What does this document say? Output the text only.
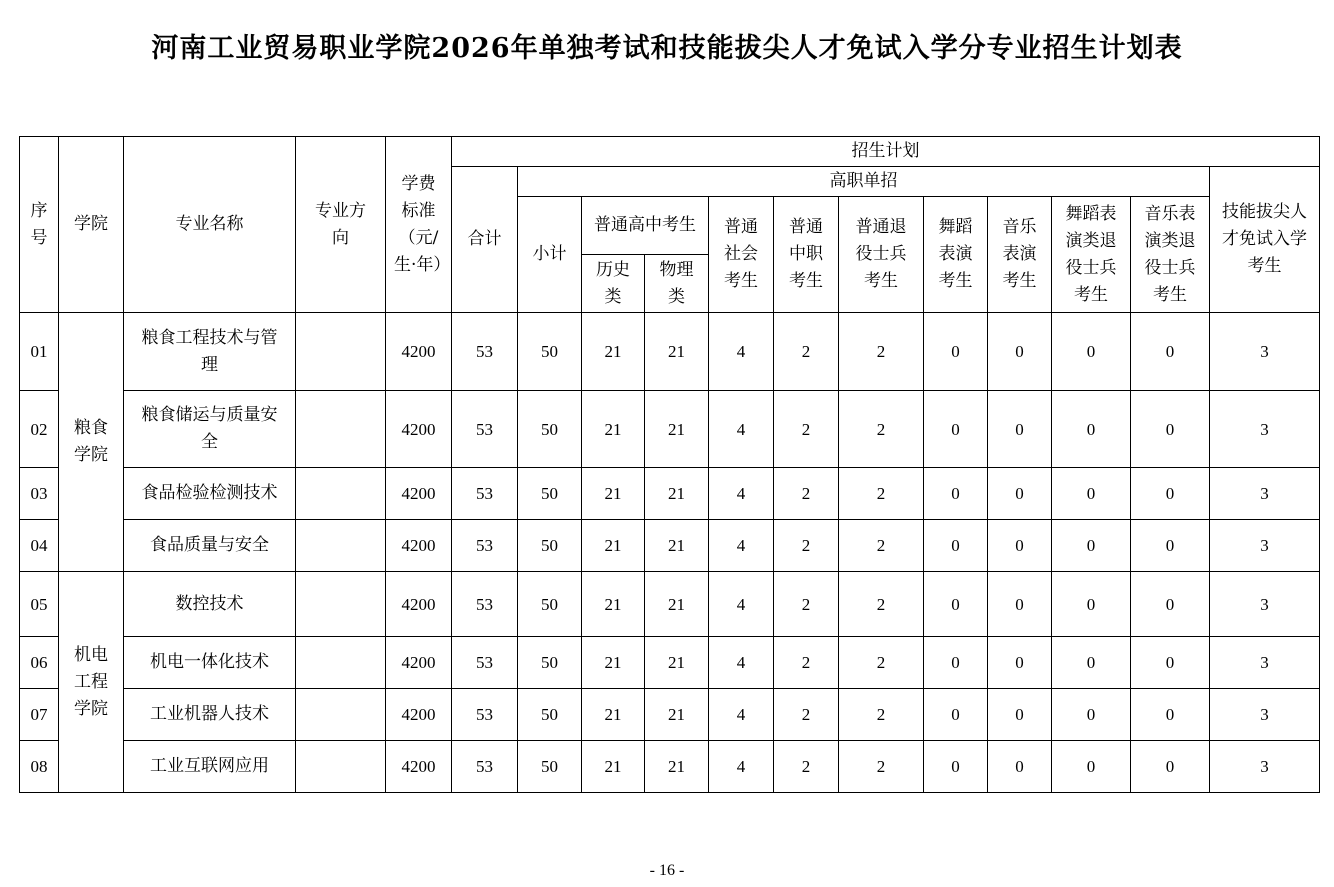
河南工业贸易职业学院2026年单独考试和技能拔尖人才免试入学分专业招生计划表
序号	学院	专业名称	专业方向	学费标准（元/生·年）	招生计划											
					合计	高职单招										技能拔尖人才免试入学考生
						小计	普通高中考生		普通社会考生	普通中职考生	普通退役士兵考生	舞蹈表演考生	音乐表演考生	舞蹈表演类退役士兵考生	音乐表演类退役士兵考生	
							历史类	物理类								
01	粮食学院	粮食工程技术与管理		4200	53	50	21	21	4	2	2	0	0	0	0	3
02		粮食储运与质量安全		4200	53	50	21	21	4	2	2	0	0	0	0	3
03		食品检验检测技术		4200	53	50	21	21	4	2	2	0	0	0	0	3
04		食品质量与安全		4200	53	50	21	21	4	2	2	0	0	0	0	3
05	机电工程学院	数控技术		4200	53	50	21	21	4	2	2	0	0	0	0	3
06		机电一体化技术		4200	53	50	21	21	4	2	2	0	0	0	0	3
07		工业机器人技术		4200	53	50	21	21	4	2	2	0	0	0	0	3
08		工业互联网应用		4200	53	50	21	21	4	2	2	0	0	0	0	3
- 16 -
